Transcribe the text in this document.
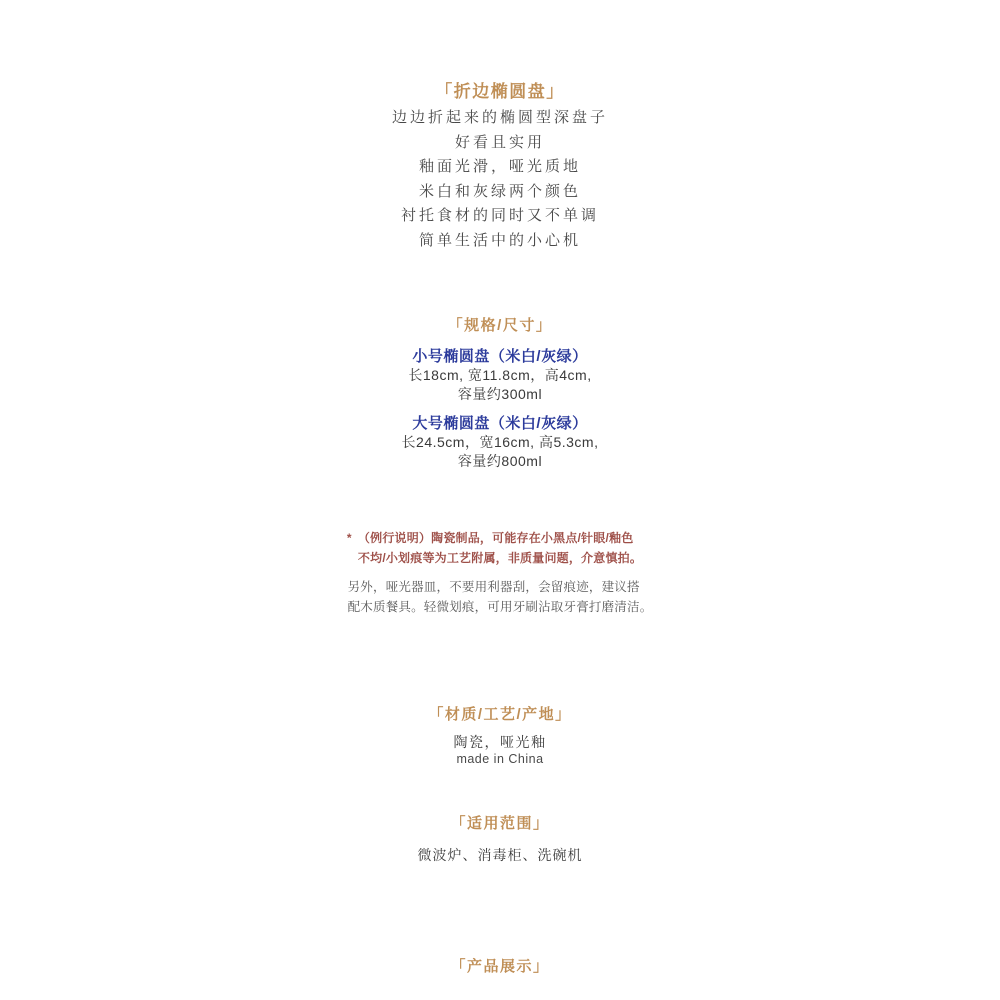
「折边椭圆盘」
边边折起来的椭圆型深盘子
好看且实用
釉面光滑，哑光质地
米白和灰绿两个颜色
衬托食材的同时又不单调
简单生活中的小心机
「规格/尺寸」
小号椭圆盘（米白/灰绿）
长18cm, 宽11.8cm，高4cm,
容量约300ml
大号椭圆盘（米白/灰绿）
长24.5cm，宽16cm, 高5.3cm,
容量约800ml
* （例行说明）陶瓷制品，可能存在小黑点/针眼/釉色
不均/小划痕等为工艺附属，非质量问题，介意慎拍。
另外，哑光器皿，不要用利器刮，会留痕迹，建议搭
配木质餐具。轻微划痕，可用牙刷沾取牙膏打磨清洁。
「材质/工艺/产地」
陶瓷，哑光釉
made in China
「适用范围」
微波炉、消毒柜、洗碗机
「产品展示」
